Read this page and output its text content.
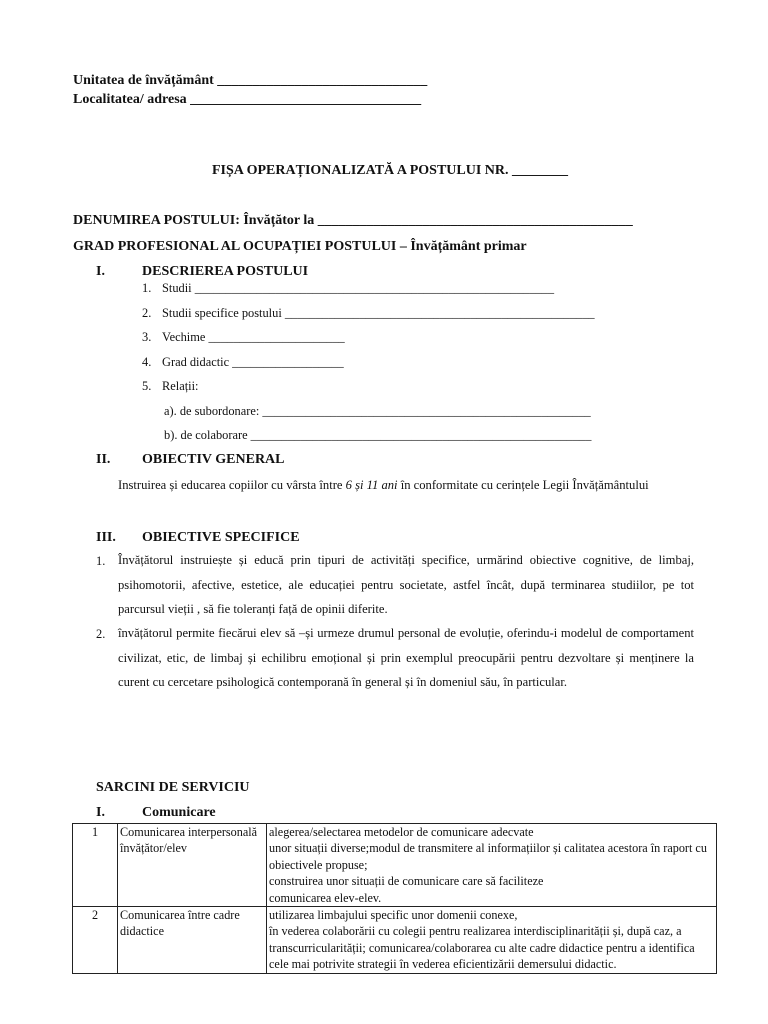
Unitatea de învățământ ______________________________
Localitatea/ adresa _________________________________
FIȘA OPERAȚIONALIZATĂ A POSTULUI NR. ________
DENUMIREA POSTULUI: Învățător la _____________________________________________
GRAD PROFESIONAL AL OCUPAȚIEI POSTULUI – Învățământ primar
I.	DESCRIEREA POSTULUI
1. Studii __________________________________________________________
2. Studii specifice postului __________________________________________________
3. Vechime ______________________
4. Grad didactic __________________
5. Relații:
a). de subordonare: _____________________________________________________
b). de colaborare _______________________________________________________
II. OBIECTIV GENERAL
Instruirea și educarea copiilor cu vârsta între 6 și 11 ani în conformitate cu cerințele Legii Învățământului
III. OBIECTIVE SPECIFICE
1. Învățătorul instruiește și educă prin tipuri de activități specifice, urmărind obiective cognitive, de limbaj, psihomotorii, afective, estetice, ale educației pentru societate, astfel încât, după terminarea studiilor, pe tot parcursul vieții , să fie toleranți față de opinii diferite.
2. învățătorul permite fiecărui elev să –și urmeze drumul personal de evoluție, oferindu-i modelul de comportament civilizat, etic, de limbaj și echilibru emoțional și prin exemplul preocupării pentru dezvoltare și menținere la curent cu cercetare psihologică contemporană în general și în domeniul său, în particular.
SARCINI DE SERVICIU
I.	Comunicare
1	Comunicarea interpersonală învățător/elev	alegerea/selectarea metodelor de comunicare adecvate
unor situații diverse;modul de transmitere al informațiilor și calitatea acestora în raport cu obiectivele propuse;
construirea unor situații de comunicare care să faciliteze
comunicarea elev-elev.

2	Comunicarea între cadre didactice	utilizarea limbajului specific unor domenii conexe,
în vederea colaborării cu colegii pentru realizarea interdisciplinarității și, după caz, a transcurricularității; comunicarea/colaborarea cu alte cadre didactice pentru a identifica cele mai potrivite strategii în vederea eficientizării demersului didactic.
